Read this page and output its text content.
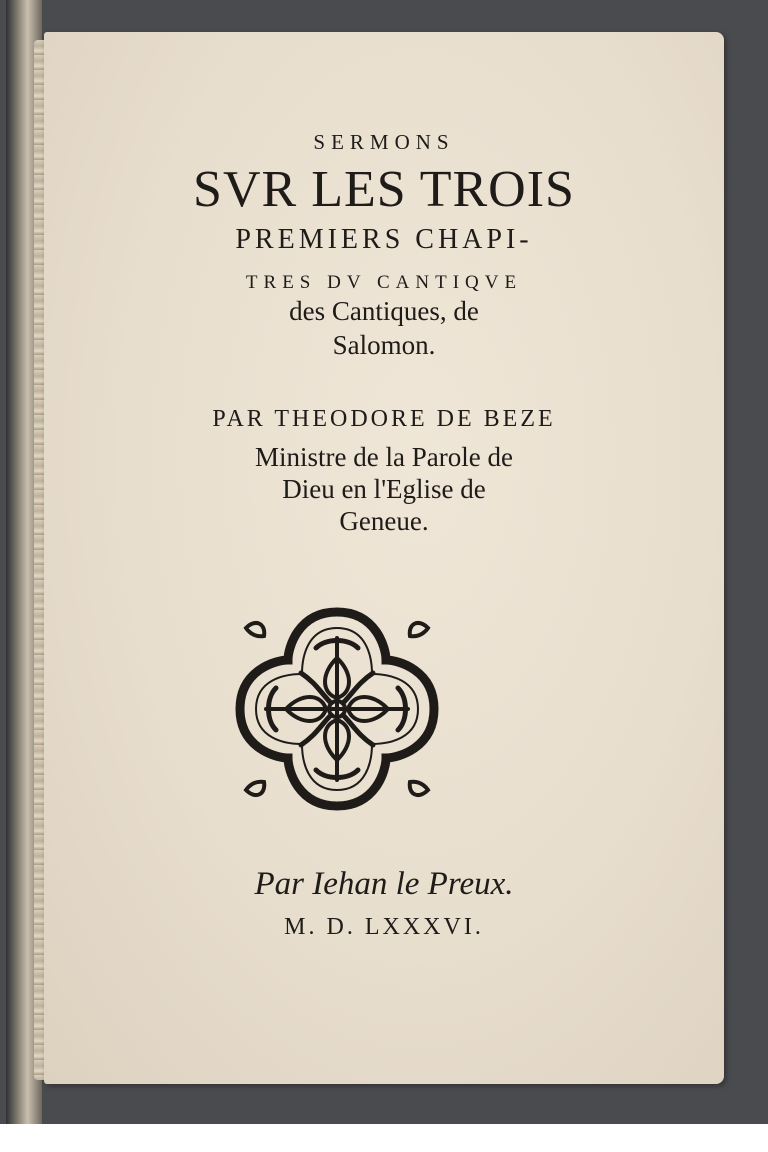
SERMONS
SVR LES TROIS
PREMIERS CHAPI-
TRES DV CANTIQVE
des Cantiques, de
Salomon.
PAR THEODORE DE BEZE
Ministre de la Parole de
Dieu en l'Eglise de
Geneue.
Par Iehan le Preux.
M. D. LXXXVI.
